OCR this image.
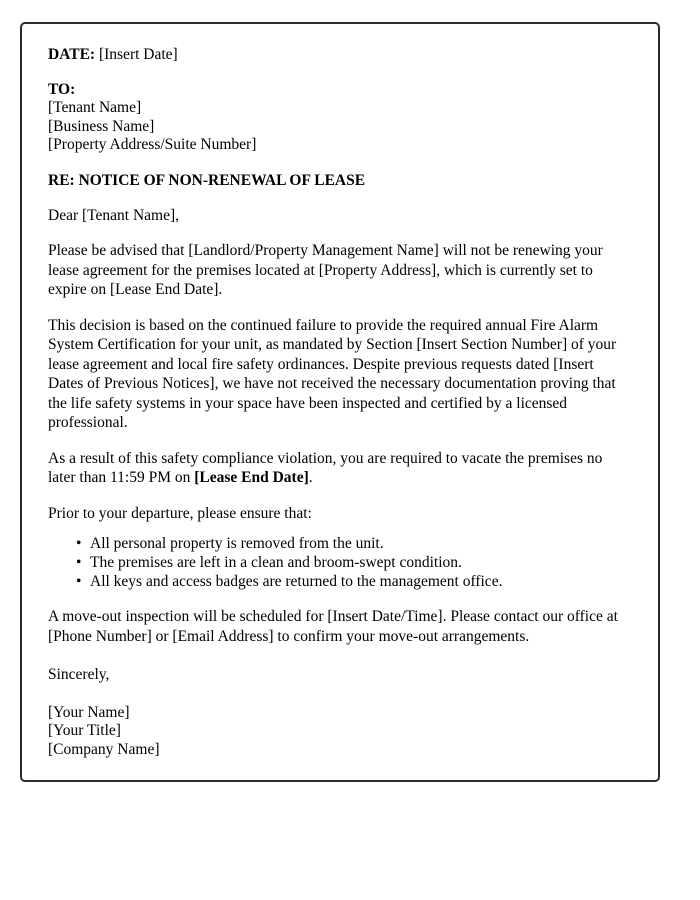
DATE: [Insert Date]

TO:

[Tenant Name]

[Business Name]

[Property Address/Suite Number]

RE: NOTICE OF NON-RENEWAL OF LEASE

Dear [Tenant Name],

Please be advised that [Landlord/Property Management Name] will not be renewing your lease agreement for the premises located at [Property Address], which is currently set to expire on [Lease End Date].

This decision is based on the continued failure to provide the required annual Fire Alarm System Certification for your unit, as mandated by Section [Insert Section Number] of your lease agreement and local fire safety ordinances. Despite previous requests dated [Insert Dates of Previous Notices], we have not received the necessary documentation proving that the life safety systems in your space have been inspected and certified by a licensed professional.

As a result of this safety compliance violation, you are required to vacate the premises no later than 11:59 PM on [Lease End Date].

Prior to your departure, please ensure that:

• All personal property is removed from the unit.
• The premises are left in a clean and broom-swept condition.
• All keys and access badges are returned to the management office.

A move-out inspection will be scheduled for [Insert Date/Time]. Please contact our office at [Phone Number] or [Email Address] to confirm your move-out arrangements.

Sincerely,

[Your Name]

[Your Title]

[Company Name]
